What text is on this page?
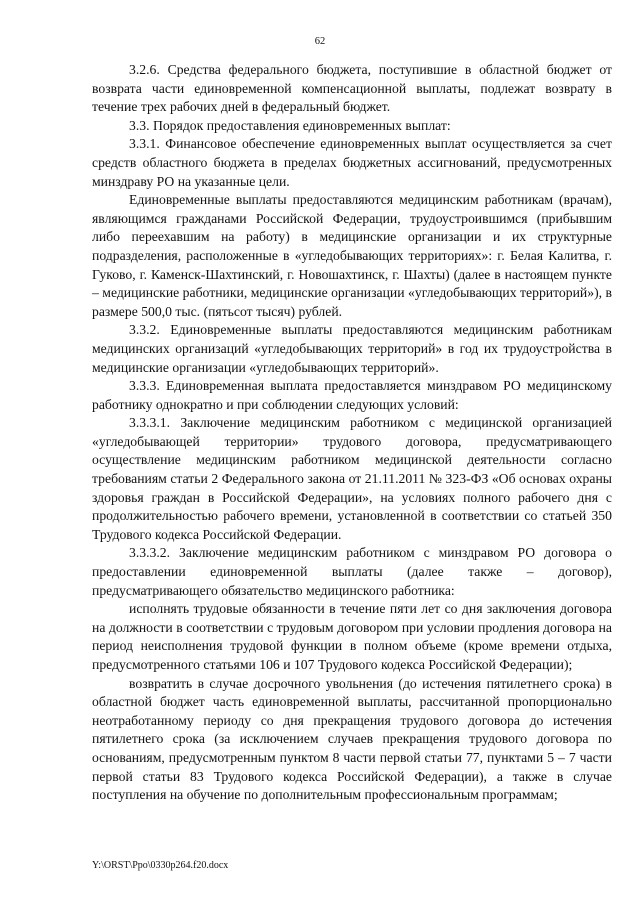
62

3.2.6. Средства федерального бюджета, поступившие в областной бюджет от возврата части единовременной компенсационной выплаты, подлежат возврату в течение трех рабочих дней в федеральный бюджет.

3.3. Порядок предоставления единовременных выплат:

3.3.1. Финансовое обеспечение единовременных выплат осуществляется за счет средств областного бюджета в пределах бюджетных ассигнований, предусмотренных минздраву РО на указанные цели.

Единовременные выплаты предоставляются медицинским работникам (врачам), являющимся гражданами Российской Федерации, трудоустроившимся (прибывшим либо переехавшим на работу) в медицинские организации и их структурные подразделения, расположенные в «угледобывающих территориях»: г. Белая Калитва, г. Гуково, г. Каменск-Шахтинский, г. Новошахтинск, г. Шахты) (далее в настоящем пункте – медицинские работники, медицинские организации «угледобывающих территорий»), в размере 500,0 тыс. (пятьсот тысяч) рублей.

3.3.2. Единовременные выплаты предоставляются медицинским работникам медицинских организаций «угледобывающих территорий» в год их трудоустройства в медицинские организации «угледобывающих территорий».

3.3.3. Единовременная выплата предоставляется минздравом РО медицинскому работнику однократно и при соблюдении следующих условий:

3.3.3.1. Заключение медицинским работником с медицинской организацией «угледобывающей территории» трудового договора, предусматривающего осуществление медицинским работником медицинской деятельности согласно требованиям статьи 2 Федерального закона от 21.11.2011 № 323-ФЗ «Об основах охраны здоровья граждан в Российской Федерации», на условиях полного рабочего дня с продолжительностью рабочего времени, установленной в соответствии со статьей 350 Трудового кодекса Российской Федерации.

3.3.3.2. Заключение медицинским работником с минздравом РО договора о предоставлении единовременной выплаты (далее также – договор), предусматривающего обязательство медицинского работника:

исполнять трудовые обязанности в течение пяти лет со дня заключения договора на должности в соответствии с трудовым договором при условии продления договора на период неисполнения трудовой функции в полном объеме (кроме времени отдыха, предусмотренного статьями 106 и 107 Трудового кодекса Российской Федерации);

возвратить в случае досрочного увольнения (до истечения пятилетнего срока) в областной бюджет часть единовременной выплаты, рассчитанной пропорционально неотработанному периоду со дня прекращения трудового договора до истечения пятилетнего срока (за исключением случаев прекращения трудового договора по основаниям, предусмотренным пунктом 8 части первой статьи 77, пунктами 5 – 7 части первой статьи 83 Трудового кодекса Российской Федерации), а также в случае поступления на обучение по дополнительным профессиональным программам;

Y:\ORST\Ppo\0330p264.f20.docx
